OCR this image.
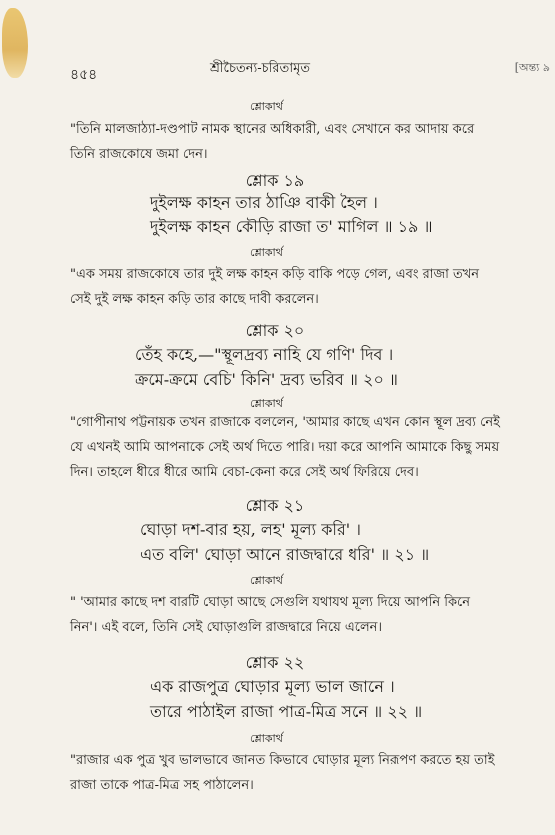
৪৫৪	শ্রীচৈতন্য-চরিতামৃত	[অন্ত্য ৯
শ্লোকার্থ
"তিনি মালজাঠ্যা-দণ্ডপাট নামক স্থানের অধিকারী, এবং সেখানে কর আদায় করে তিনি রাজকোষে জমা দেন।
শ্লোক ১৯
দুইলক্ষ কাহন তার ঠাঞি বাকী হৈল ।
দুইলক্ষ কাহন কৌড়ি রাজা ত' মাগিল ॥ ১৯ ॥
শ্লোকার্থ
"এক সময় রাজকোষে তার দুই লক্ষ কাহন কড়ি বাকি পড়ে গেল, এবং রাজা তখন সেই দুই লক্ষ কাহন কড়ি তার কাছে দাবী করলেন।
শ্লোক ২০
তেঁহ কহে,—"স্থূলদ্রব্য নাহি যে গণি' দিব ।
ক্রমে-ক্রমে বেচি' কিনি' দ্রব্য ভরিব ॥ ২০ ॥
শ্লোকার্থ
"গোপীনাথ পট্টনায়ক তখন রাজাকে বললেন, 'আমার কাছে এখন কোন স্থূল দ্রব্য নেই যে এখনই আমি আপনাকে সেই অর্থ দিতে পারি। দয়া করে আপনি আমাকে কিছু সময় দিন। তাহলে ধীরে ধীরে আমি বেচা-কেনা করে সেই অর্থ ফিরিয়ে দেব।
শ্লোক ২১
ঘোড়া দশ-বার হয়, লহ' মূল্য করি' ।
এত বলি' ঘোড়া আনে রাজদ্বারে ধরি' ॥ ২১ ॥
শ্লোকার্থ
" 'আমার কাছে দশ বারটি ঘোড়া আছে সেগুলি যথাযথ মূল্য দিয়ে আপনি কিনে নিন'। এই বলে, তিনি সেই ঘোড়াগুলি রাজদ্বারে নিয়ে এলেন।
শ্লোক ২২
এক রাজপুত্র ঘোড়ার মূল্য ভাল জানে ।
তারে পাঠাইল রাজা পাত্র-মিত্র সনে ॥ ২২ ॥
শ্লোকার্থ
"রাজার এক পুত্র খুব ভালভাবে জানত কিভাবে ঘোড়ার মূল্য নিরূপণ করতে হয় তাই রাজা তাকে পাত্র-মিত্র সহ পাঠালেন।
